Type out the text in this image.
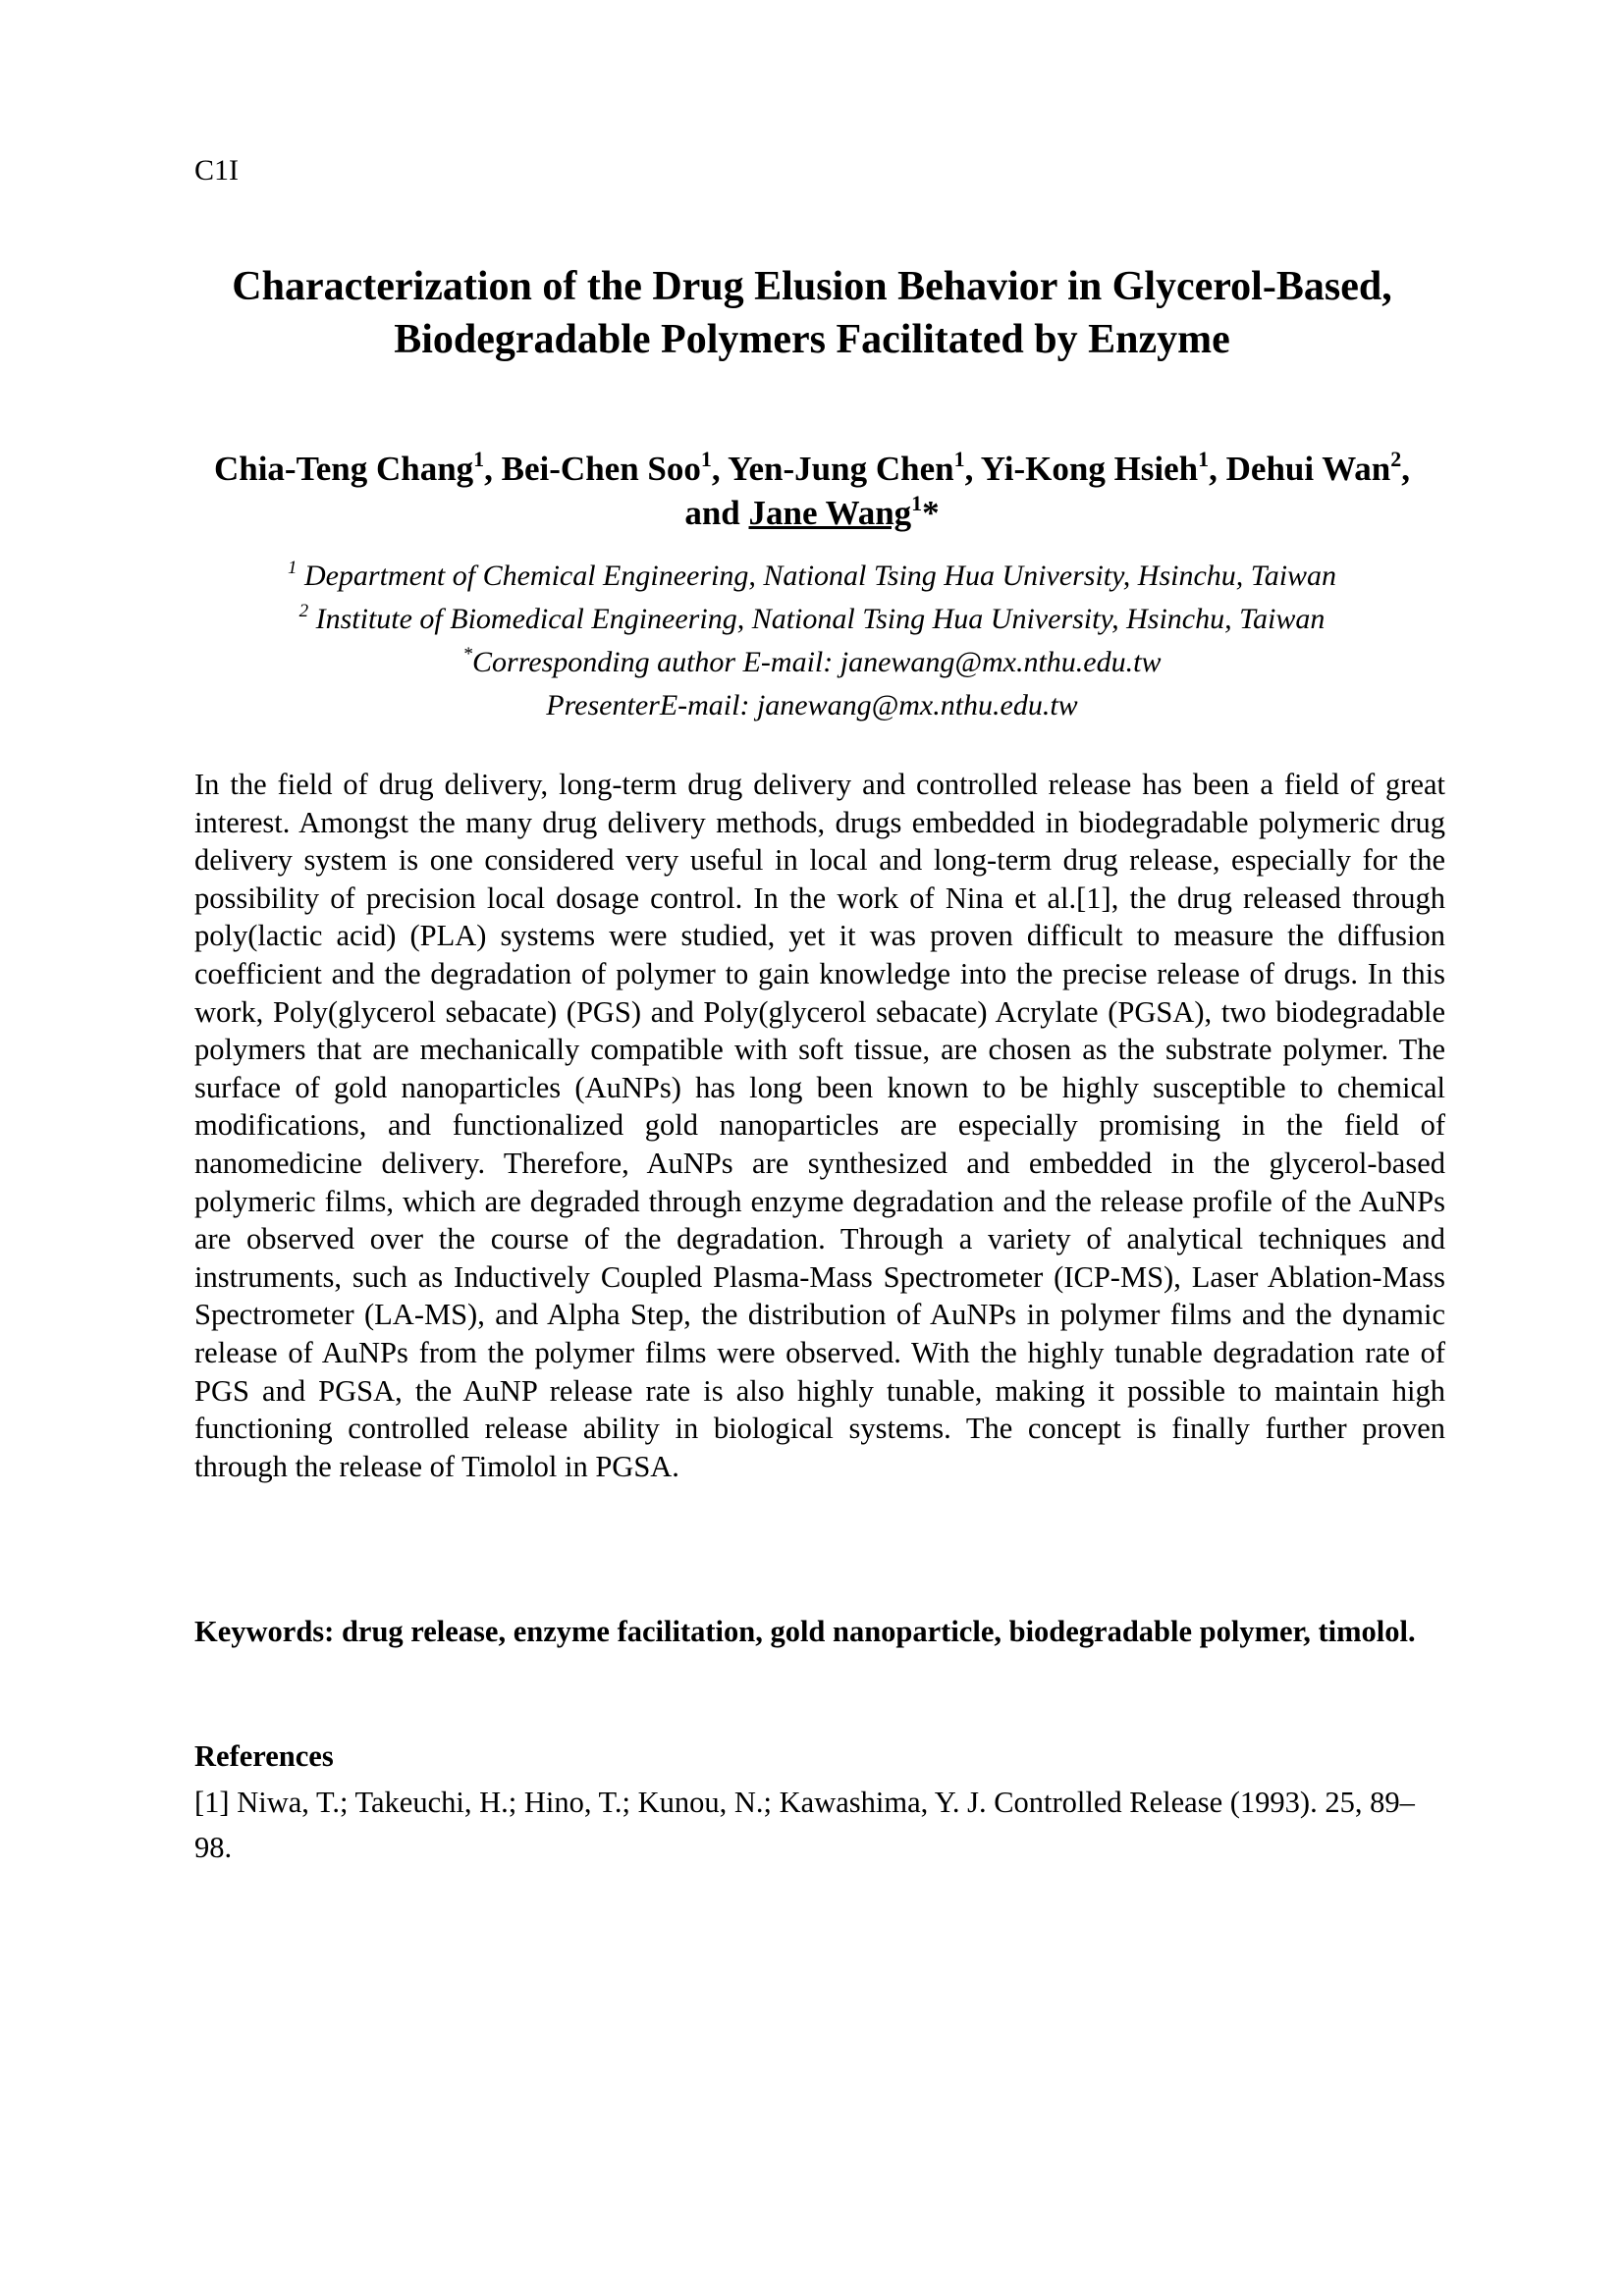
C1I
Characterization of the Drug Elusion Behavior in Glycerol-Based,
Biodegradable Polymers Facilitated by Enzyme
Chia-Teng Chang$^1$, Bei-Chen Soo$^1$, Yen-Jung Chen$^1$, Yi-Kong Hsieh$^1$, Dehui Wan$^2$, and Jane Wang$^1$*
$^1$ Department of Chemical Engineering, National Tsing Hua University, Hsinchu, Taiwan
$^2$ Institute of Biomedical Engineering, National Tsing Hua University, Hsinchu, Taiwan
*Corresponding author E-mail: janewang@mx.nthu.edu.tw
PresenterE-mail: janewang@mx.nthu.edu.tw
In the field of drug delivery, long-term drug delivery and controlled release has been a field of great interest. Amongst the many drug delivery methods, drugs embedded in biodegradable polymeric drug delivery system is one considered very useful in local and long-term drug release, especially for the possibility of precision local dosage control. In the work of Nina et al.[1], the drug released through poly(lactic acid) (PLA) systems were studied, yet it was proven difficult to measure the diffusion coefficient and the degradation of polymer to gain knowledge into the precise release of drugs. In this work, Poly(glycerol sebacate) (PGS) and Poly(glycerol sebacate) Acrylate (PGSA), two biodegradable polymers that are mechanically compatible with soft tissue, are chosen as the substrate polymer. The surface of gold nanoparticles (AuNPs) has long been known to be highly susceptible to chemical modifications, and functionalized gold nanoparticles are especially promising in the field of nanomedicine delivery. Therefore, AuNPs are synthesized and embedded in the glycerol-based polymeric films, which are degraded through enzyme degradation and the release profile of the AuNPs are observed over the course of the degradation. Through a variety of analytical techniques and instruments, such as Inductively Coupled Plasma-Mass Spectrometer (ICP-MS), Laser Ablation-Mass Spectrometer (LA-MS), and Alpha Step, the distribution of AuNPs in polymer films and the dynamic release of AuNPs from the polymer films were observed. With the highly tunable degradation rate of PGS and PGSA, the AuNP release rate is also highly tunable, making it possible to maintain high functioning controlled release ability in biological systems. The concept is finally further proven through the release of Timolol in PGSA.
Keywords: drug release, enzyme facilitation, gold nanoparticle, biodegradable polymer, timolol.
References
[1] Niwa, T.; Takeuchi, H.; Hino, T.; Kunou, N.; Kawashima, Y. J. Controlled Release (1993). 25, 89–98.
